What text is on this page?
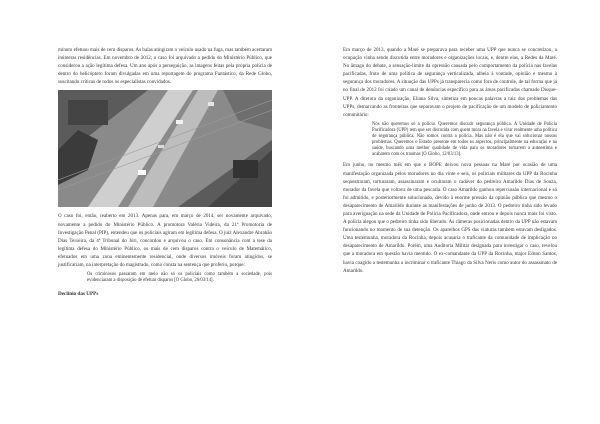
minuto efetuou mais de cem disparos. As balas atingiram o veículo usado na fuga, mas também acertaram inúmeras residências. Em novembro de 2012, o caso foi arquivado a pedido do Ministério Público, que considerou a ação legítima defesa. Um ano após a perseguição, as imagens feitas pela própria polícia de dentro do helicóptero foram divulgadas em uma reportagem do programa Fantástico, da Rede Globo, suscitando críticas de todos os especialistas convidados.

O caso foi, então, reaberto em 2013. Apenas para, em março de 2014, ser novamente arquivado, novamente a pedido do Ministério Público. A promotora Valéria Videira, da 21ª Promotoria de Investigação Penal (PIP), entendeu que os policiais agiram em legítima defesa. O juiz Alexandre Abrahão Dias Teixeira, da 4ª Tribunal do Júri, concordou e arquivou o caso. Em consonância com a tese da legítima defesa do Ministério Público, os mais de cem disparos contra o veículo de Matemático, efetuados em uma zona eminentemente residencial, onde diversos imóveis foram atingidos, se justificariam, na interpretação do magistrado, como consta na sentença que proferiu, porque:

Os criminosos passaram em meio não só os policiais como também a sociedade, pois evidenciaram a disposição de efetuar disparos [O Globo, 26/03/14].

Declínio das UPPs

Em março de 2013, quando a Maré se preparava para receber uma UPP que nunca se concretizou, a ocupação vinha sendo discutida entre moradores e organizações locais, e, dentre elas, a Redes da Maré. No âmago do debate, a sensação-limite da opressão causada pelo comportamento da polícia nas favelas pacificadas, fruto de uma política de segurança verticalizada, alheia à vontade, opinião e mesmo à segurança dos moradores. A situação das UPPs já transparecia como fora de controle, de tal forma que já no final de 2012 foi criado um canal de denúncias específico para as áreas pacificadas chamado Disque-UPP. A diretora da organização, Eliana Silva, sintetiza em poucas palavras a raiz dos problemas das UPPs, demarcando as fronteiras que separavam o projeto de pacificação de um modelo de policiamento comunitário:

Nós não queremos só a polícia. Queremos discutir segurança pública. A Unidade de Polícia Pacificadora (UPP) tem que ser discutida com quem mora na favela e virar realmente uma política de segurança pública. Não somos contra a polícia. Mas não é ela que vai solucionar nossos problemas. Queremos o Estado presente em todos os aspectos, principalmente na educação e na saúde, buscando uma melhor qualidade de vida para os moradores tornarem a autoestima e acabarem com os traumas [O Globo, 12/03/13].

Em junho, no mesmo mês em que o BOPE deixou nova pessoas na Maré por ocasião de uma manifestação organizada pelos moradores no dia vinte e seis, os policiais militares da UPP da Rocinha sequestraram, torturaram, assassinaram e ocultaram o cadáver do pedreiro Amarildo Dias de Souza, morador da favela que voltava de uma pescaria. O caso Amarildo ganhou repercussão internacional e só foi admitido, e posteriormente solucionado, devido à enorme pressão da opinião pública que mesmo o desaparecimento de Amarildo durante as manifestações de junho de 2013. O pedreiro tinha sido levado para averiguação na sede da Unidade de Polícia Pacificadora, onde entrou e depois nunca mais foi visto. A polícia alegou que o pedreiro tinha sido liberado. As câmeras posicionadas dentro da UPP não estavam funcionando no momento de sua detenção. Os aparelhos GPS das viaturas também estavam desligados. Uma testemunha, moradora da Rocinha, depois acusaria o traficante da comunidade de implicação no desaparecimento de Amarildo. Porém, uma Auditoria Militar designada para investigar o caso, revelou que a moradora em questão havia mentido. O ex-comandante da UPP da Rocinha, major Edson Santos, havia coagido a testemunha a incriminar o traficante Thiago da Silva Neris como autor do assassinato de Amarildo.
